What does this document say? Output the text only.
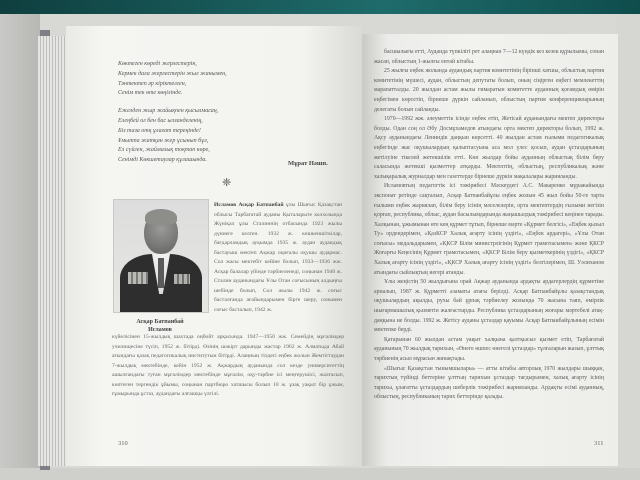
Көктеген көреді жерлестерін,
Кермек дала жерлестерін жыл жанымен,
Тәнтектеп әр кіріктелген,
Сенім тек өте көңілінде.
Ежелден жыр жайықпен қысылмасаң,
Елеңбей ол бен бас ылзанделенің,
Біз таза отқ ұлағат тереңінде!
Ұмытпа жатқан жер ұсынып бұл,
Ел сүйген, жаймалық тоқтап көре,
Сенімді Көкшетаулар құлашында.	Мұрат Нәшп.
❈
Асқар Батпаибай
Исламов
Исламов Асқар Батпаибай ұлы Шығыс Қазақстан облысы Тарбағатай ауданы Қыталарыте колхозында Жүніқал ұлы Сталиннің отбасында 1923 жылы дүниеге келген. 1932 ж. көшкеншіткілар, бағдарламдық ауқымда 1935 ж. аудан аудандық бастауыш мектеп Ақжар оқиғалы оқушы аудармас. Сол жасы мектебіт кейіне болып, 1933—1936 жж. Асқар балалар үйінде тәрбиеленеді, соңынан 1940 ж. Сталин ауданындағы Ұлы Отан соғысының алдыңғы шебінде болып, Сол жылы 1942 ж. соғыс басталғанда ағайындарымен бірге шеру, сонымен соғыс басталып, 1942 ж.
күйелісінен 15-жылдық шахтада оңбойт арқасында. 1947—1950 жж. Семейдің мұғалімдер училищесіне түсіп, 1952 ж. бітірді. Өзінің шәкірт дарынды жастар 1962 ж. Алматыда Абай атындағы қазақ педагогикалық институтын бітірді. Алаңның тілдегі еңбек жолын Жемтігтаудан 7-жылдық мектебінде, кейін 1952 ж. Ақжардың ауданында сол кезде университеттің ашылғандағы туған мұғалімдер мектебінде мұғалім, оқу-тәрбие ісі меңгерушісі, жалғасып, көптеген тергендік ұйымы, соңынан партбюро хатшысы болып 18 ж. ұзақ уақыт бір ұжым, ғұмырында ұстаз, аудандағы алғашқы үлгілі.
310

басшылығы етті, Ауданда түпкілігі рет алаңнан 7—12 күндік кез кезек құрылымы, сонан жасап, облыстың 1-жылғы ентай кітабы.

25 жылғы еңбек жолында аудандық партия комитетінің бірінші хатшы, облыстық партия комитетінің мүшесі, аудан, облыстың депутаты болып, оның сіңірген еңбегі мемлекеттің марапатталды. 20 жылдан астам жылы ғимаратын комитетте ауданның қоғамдық өмірін еңбегімен көрсетіп, бірнеше дүркін сайланып, облыстың партия конференцияларының делегаты болып сайланды.

1970—1992 жж. әлеуметтік ісінде еңбек етіп, Жетісай ауданындағы мектеп директоры болды. Одан соң ол Әбу Досмұхамедов атындағы орта мектеп директоры болып, 1992 ж. Ақсу ауданындағы Лениндік даңқын көрсетті. 40 жылдан астам ғылыми педагогикалық еңбегінде жас оқушылардың қалыптасуына аса мол үлес қосып, аудан ұстаздарының жетілуіне тікелей жетекшілік етті. Көп жылдар бойы ауданның облыстық білім беру саласында жетекші қызметтер атқарды. Мектептің, облыстың, республикалық және халықаралық журналдар мен газеттерде бірнеше дүркін мақалалары жарияланды.

Исламовтың педагогтік ісі тәжірибесі Мәскеудегі А.С. Макаренко мұражайында экспонат ретінде сақталып, Асқар Батпаибайұлы еңбек жолын 45 жыл бойы 50-ге тарта ғылыми еңбек жариялап, білім беру ісінің мәселелерін, орта мектептердің ғылыми негізін қорғап, республика, облыс, аудан басылымдарында жаңашылдық тәжірибесі кеңінен тарады. Халқынан, ұжымынан өте кең құрмет тұтып, бірнеше мәрте «Құрмет белгісі», «Еңбек қызыл Ту» ордендерімен, «ҚазКСР Халық ағарту ісінің үздігі», «Еңбек ардагері», «Ұлы Отан соғысы» медальдарымен, «ҚКСР Білім министрлігінің Құрмет грамотасымен» және ҚКСР Жоғарғы Кеңесінің Құрмет грамотасымен, «ҚКСР Білім беру қызметкерінің үздігі», «ҚКСР Халық ағарту ісінің үздігі», «ҚКСР Халық ағарту ісінің үздігі» белгілерімен, Ш. Уәлиханов атындағы сыйлықтың иегері атанды.

Ұлы жеңістің 50 жылдығына орай Ақжар ауданында ардақты ардагерлердің құрметіне арналып, 1987 ж. Құрметті азаматы атағы берілді. Асқар Батпаибайұлы қазақстандық оқушылардың ақылды, рухы бай ұрпақ тәрбиелеу жолында 70 жасына таяп, өмірлік шығармашылық қызметін жалғастырды. Республика ұстаздарының жоғары мәртебелі атақ-даңқына ие болды. 1992 ж. Жетісу ауданы ұстаздар қауымы Асқар Батпаибайұлының есімін мектепке берді.

Қатарынан 60 жылдан астам уақыт халқына қалтқысыз қызмет етіп, Тарбағатай ауданының 70 жылдық тарихын, «Өнеге өшпес өнегелі ұстаздар» тұлғаларын жазып, ұлттық тәрбиенің асыл мұрасын жинақтады.

«Шығыс Қазақстан тынымшылары» — атты кітабы авторлық 1970 жылдары шыққан, тарихтың түйінді беттеріне ұлттың тарихын ұстаздар тағдырымен, халық ағарту ісінің тарихы, ұлағатты ұстаздардың шеберлік тәжірибесі жарияланды. Ардақты есімі ауданның, облыстың, республиканың тарих беттерінде қалады.

311
